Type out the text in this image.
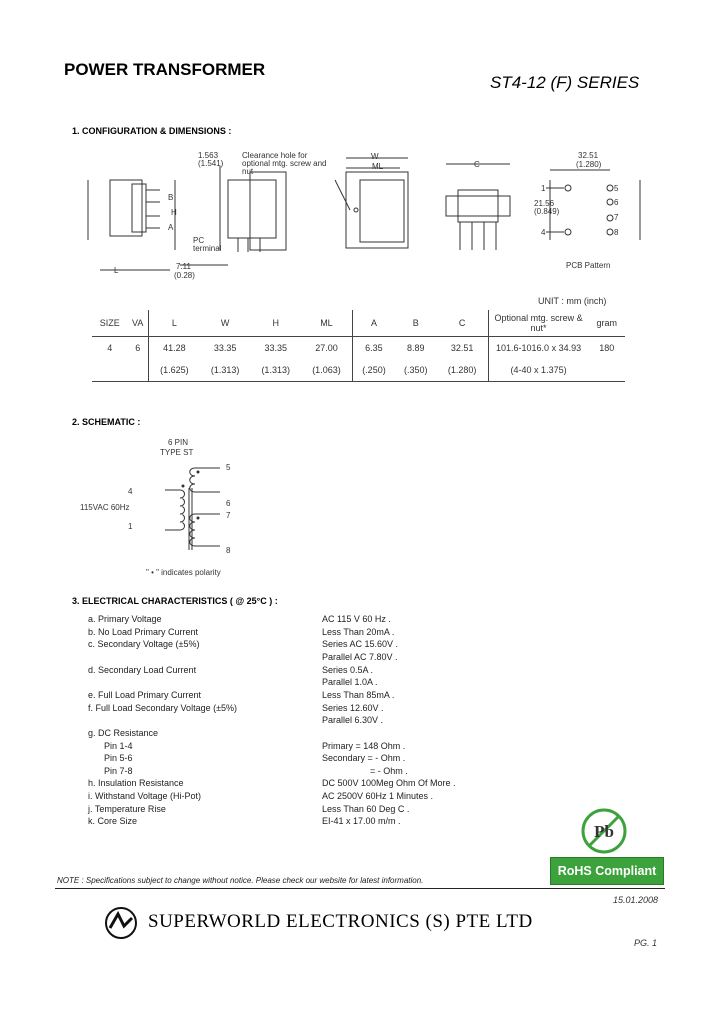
POWER TRANSFORMER
ST4-12 (F) SERIES
1. CONFIGURATION & DIMENSIONS :
Clearance hole for optional mtg. screw and nut
1.563 (1.541)
PC terminal
7.11
(0.28)
L
W
ML	C
32.51
(1.280)
21.56 (0.849)
PCB Pattern
H
A
B
1
4
5
6
7
8
UNIT : mm (inch)
SIZE	VA	L	W	H	ML	A	B	C	Optional mtg. screw & nut*	gram
4	6	41.28	33.35	33.35	27.00	6.35	8.89	32.51	101.6-1016.0 x 34.93	180
		(1.625)	(1.313)	(1.313)	(1.063)	(.250)	(.350)	(1.280)	(4-40 x 1.375)	
2. SCHEMATIC :
6 PIN
TYPE ST
4
115VAC 60Hz
1
5
6
7
8
" • " indicates polarity
3. ELECTRICAL CHARACTERISTICS ( @ 25°C ) :
a. Primary Voltage	AC 115 V 60 Hz .
b. No Load Primary Current	Less Than 20mA .
c. Secondary Voltage (±5%)	Series AC 15.60V .
Parallel AC 7.80V .
d. Secondary Load Current	Series 0.5A .
Parallel 1.0A .
e. Full Load Primary Current	Less Than 85mA .
f. Full Load Secondary Voltage (±5%)	Series 12.60V .
Parallel 6.30V .
g. DC Resistance
Pin 1-4	Primary = 148 Ohm .
Pin 5-6	Secondary = - Ohm .
Pin 7-8	= - Ohm .
h. Insulation Resistance	DC 500V 100Meg Ohm Of More .
i. Withstand Voltage (Hi-Pot)	AC 2500V 60Hz 1 Minutes .
j. Temperature Rise	Less Than 60 Deg C .
k. Core Size	EI-41 x 17.00 m/m .
Pb
RoHS Compliant
NOTE : Specifications subject to change without notice. Please check our website for latest information.
15.01.2008
SUPERWORLD ELECTRONICS (S) PTE LTD
PG. 1
